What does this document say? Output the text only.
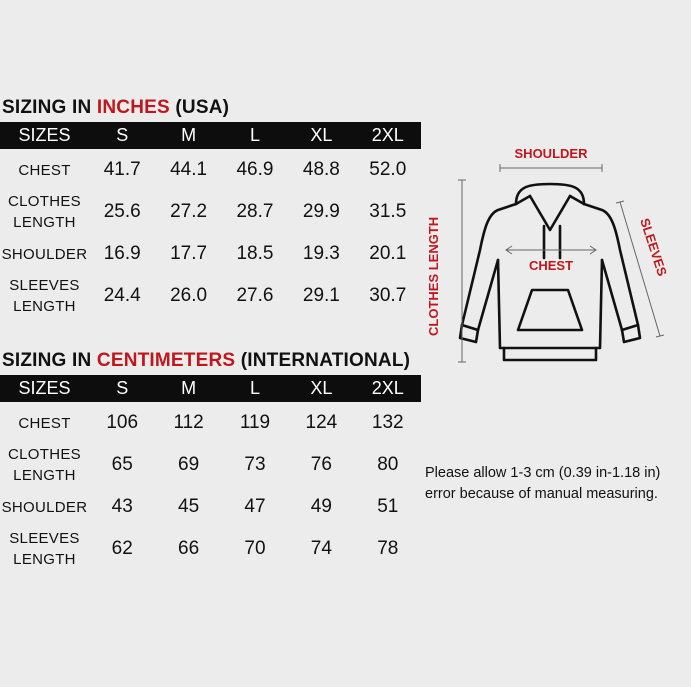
SIZING IN INCHES (USA)
SIZES	S	M	L	XL	2XL
CHEST	41.7	44.1	46.9	48.8	52.0
CLOTHES
LENGTH	25.6	27.2	28.7	29.9	31.5
SHOULDER	16.9	17.7	18.5	19.3	20.1
SLEEVES
LENGTH	24.4	26.0	27.6	29.1	30.7
SIZING IN CENTIMETERS (INTERNATIONAL)
SIZES	S	M	L	XL	2XL
CHEST	106	112	119	124	132
CLOTHES
LENGTH	65	69	73	76	80
SHOULDER	43	45	47	49	51
SLEEVES
LENGTH	62	66	70	74	78
SHOULDER
CHEST
CLOTHES LENGTH	SLEEVES
Please allow 1-3 cm (0.39 in-1.18 in)
error because of manual measuring.
